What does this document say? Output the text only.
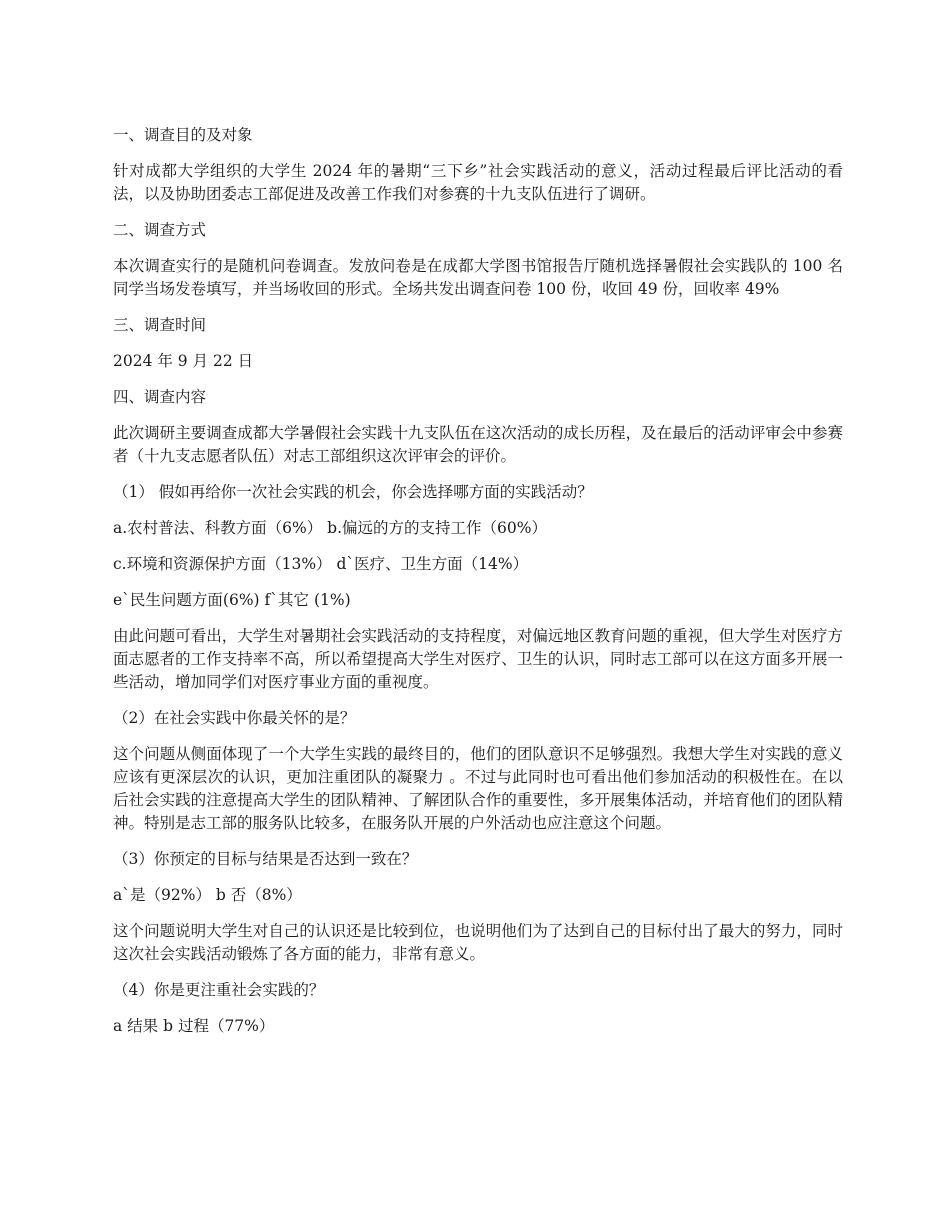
一、调查目的及对象

针对成都大学组织的大学生 2024 年的暑期“三下乡”社会实践活动的意义，活动过程最后评比活动的看法，以及协助团委志工部促进及改善工作我们对参赛的十九支队伍进行了调研。

二、调查方式

本次调查实行的是随机问卷调查。发放问卷是在成都大学图书馆报告厅随机选择暑假社会实践队的 100 名同学当场发卷填写，并当场收回的形式。全场共发出调查问卷 100 份，收回 49 份，回收率 49%

三、调查时间

2024 年 9 月 22 日

四、调查内容

此次调研主要调查成都大学暑假社会实践十九支队伍在这次活动的成长历程，及在最后的活动评审会中参赛者（十九支志愿者队伍）对志工部组织这次评审会的评价。

（1） 假如再给你一次社会实践的机会，你会选择哪方面的实践活动？

a.农村普法、科教方面（6%） b.偏远的方的支持工作（60%）

c.环境和资源保护方面（13%） d`医疗、卫生方面（14%）

e`民生问题方面(6%) f`其它 (1%)

由此问题可看出，大学生对暑期社会实践活动的支持程度，对偏远地区教育问题的重视，但大学生对医疗方面志愿者的工作支持率不高，所以希望提高大学生对医疗、卫生的认识，同时志工部可以在这方面多开展一些活动，增加同学们对医疗事业方面的重视度。

（2）在社会实践中你最关怀的是？

这个问题从侧面体现了一个大学生实践的最终目的，他们的团队意识不足够强烈。我想大学生对实践的意义应该有更深层次的认识，更加注重团队的凝聚力 。不过与此同时也可看出他们参加活动的积极性在。在以后社会实践的注意提高大学生的团队精神、了解团队合作的重要性，多开展集体活动，并培育他们的团队精神。特别是志工部的服务队比较多，在服务队开展的户外活动也应注意这个问题。

（3）你预定的目标与结果是否达到一致在？

a`是（92%） b 否（8%）

这个问题说明大学生对自己的认识还是比较到位，也说明他们为了达到自己的目标付出了最大的努力，同时这次社会实践活动锻炼了各方面的能力，非常有意义。

（4）你是更注重社会实践的？

a 结果 b 过程（77%）
